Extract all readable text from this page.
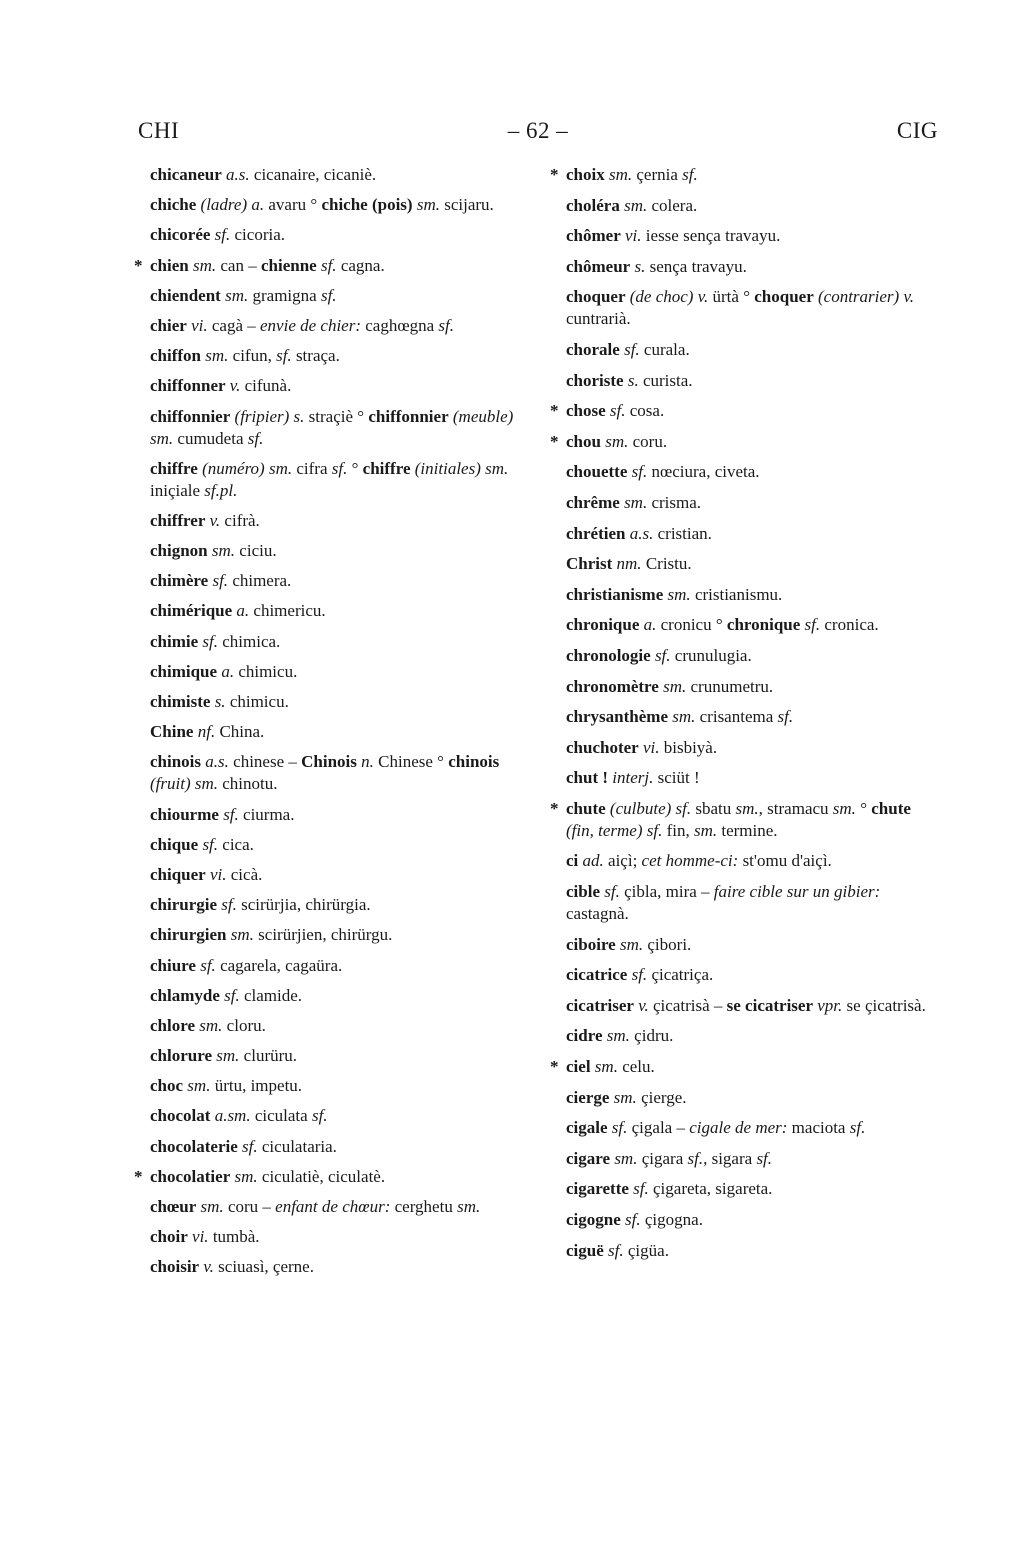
CHI	– 62 –	CIG
chicaneur a.s. cicanaire, cicaniè.
chiche (ladre) a. avaru ° chiche (pois) sm. scijaru.
chicorée sf. cicoria.
* chien sm. can – chienne sf. cagna.
chiendent sm. gramigna sf.
chier vi. cagà – envie de chier: caghœgna sf.
chiffon sm. cifun, sf. straça.
chiffonner v. cifunà.
chiffonnier (fripier) s. straçiè ° chiffonnier (meuble) sm. cumudeta sf.
chiffre (numéro) sm. cifra sf. ° chiffre (initiales) sm. iniçiale sf.pl.
chiffrer v. cifrà.
chignon sm. ciciu.
chimère sf. chimera.
chimérique a. chimericu.
chimie sf. chimica.
chimique a. chimicu.
chimiste s. chimicu.
Chine nf. China.
chinois a.s. chinese – Chinois n. Chinese ° chinois (fruit) sm. chinotu.
chiourme sf. ciurma.
chique sf. cica.
chiquer vi. cicà.
chirurgie sf. scirürjia, chirürgia.
chirurgien sm. scirürjien, chirürgu.
chiure sf. cagarela, cagaüra.
chlamyde sf. clamide.
chlore sm. cloru.
chlorure sm. clurüru.
choc sm. ürtu, impetu.
chocolat a.sm. ciculata sf.
chocolaterie sf. ciculataria.
* chocolatier sm. ciculatiè, ciculatè.
chœur sm. coru – enfant de chœur: cerghetu sm.
choir vi. tumbà.
choisir v. sciuasì, çerne.
* choix sm. çernia sf.
choléra sm. colera.
chômer vi. iesse sença travayu.
chômeur s. sença travayu.
choquer (de choc) v. ürtà ° choquer (contrarier) v. cuntrarià.
chorale sf. curala.
choriste s. curista.
* chose sf. cosa.
* chou sm. coru.
chouette sf. nœciura, civeta.
chrême sm. crisma.
chrétien a.s. cristian.
Christ nm. Cristu.
christianisme sm. cristianismu.
chronique a. cronicu ° chronique sf. cronica.
chronologie sf. crunulugia.
chronomètre sm. crunumetru.
chrysanthème sm. crisantema sf.
chuchoter vi. bisbiyà.
chut ! interj. sciüt !
* chute (culbute) sf. sbatu sm., stramacu sm. ° chute (fin, terme) sf. fin, sm. termine.
ci ad. aiçì; cet homme-ci: st'omu d'aiçì.
cible sf. çibla, mira – faire cible sur un gibier: castagnà.
ciboire sm. çibori.
cicatrice sf. çicatriça.
cicatriser v. çicatrisà – se cicatriser vpr. se çicatrisà.
cidre sm. çidru.
* ciel sm. celu.
cierge sm. çierge.
cigale sf. çigala – cigale de mer: maciota sf.
cigare sm. çigara sf., sigara sf.
cigarette sf. çigareta, sigareta.
cigogne sf. çigogna.
ciguë sf. çigüa.
